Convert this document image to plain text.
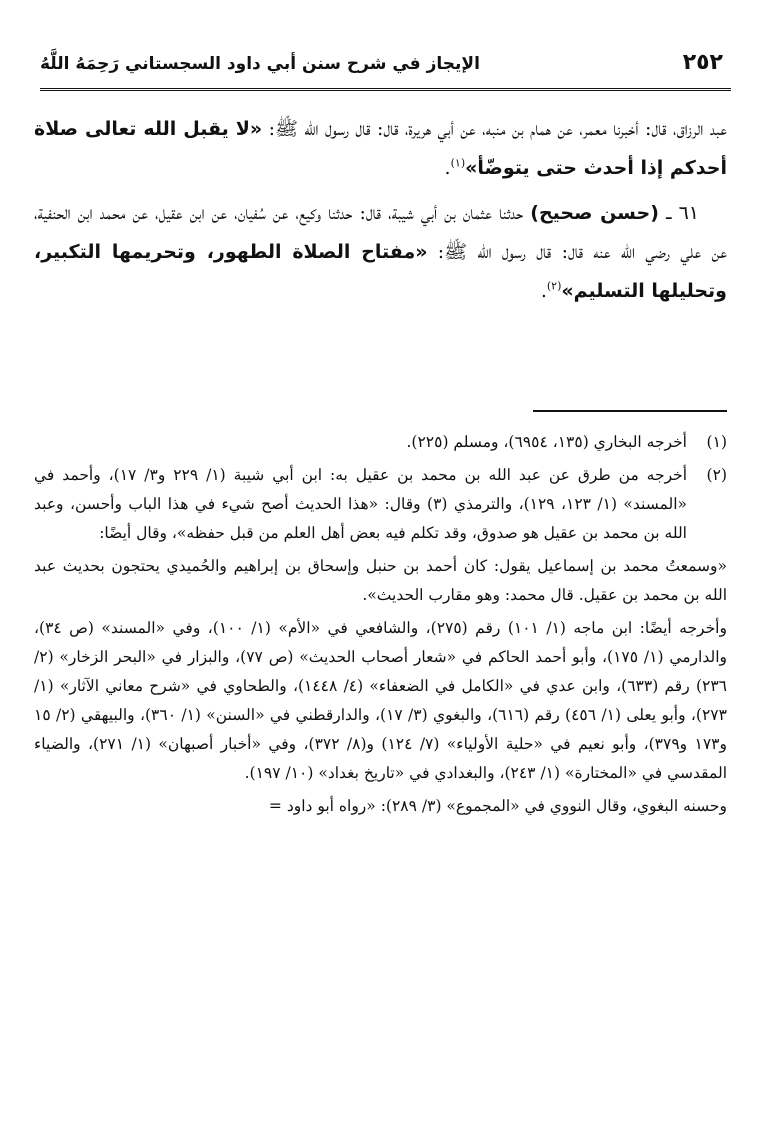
٢٥٢
الإيجاز في شرح سنن أبي داود السجستاني رَحِمَهُ اللَّهُ

عبد الرزاق، قال: أخبرنا معمر، عن همام بن منبه، عن أبي هريرة، قال: قال رسول الله ﷺ: «لا يقبل الله تعالى صلاة أحدكم إذا أحدث حتى يتوضّأ»$^{(١)}$.

٦١ ـ (حسن صحيح) حدثنا عثمان بن أبي شيبة، قال: حدثنا وكيع، عن سُفيان، عن ابن عقيل، عن محمد ابن الحنفية، عن علي رضي الله عنه قال: قال رسول الله ﷺ: «مفتاح الصلاة الطهور، وتحريمها التكبير، وتحليلها التسليم»$^{(٢)}$.

(١)
أخرجه البخاري (١٣٥، ٦٩٥٤)، ومسلم (٢٢٥).
(٢)
أخرجه من طرق عن عبد الله بن محمد بن عقيل به: ابن أبي شيبة (١/ ٢٢٩ و٣/ ١٧)، وأحمد في «المسند» (١/ ١٢٣، ١٢٩)، والترمذي (٣) وقال: «هذا الحديث أصح شيء في هذا الباب وأحسن، وعبد الله بن محمد بن عقيل هو صدوق، وقد تكلم فيه بعض أهل العلم من قبل حفظه»، وقال أيضًا:

«وسمعتُ محمد بن إسماعيل يقول: كان أحمد بن حنبل وإسحاق بن إبراهيم والحُميدي يحتجون بحديث عبد الله بن محمد بن عقيل. قال محمد: وهو مقارب الحديث».

وأخرجه أيضًا: ابن ماجه (١/ ١٠١) رقم (٢٧٥)، والشافعي في «الأم» (١/ ١٠٠)، وفي «المسند» (ص ٣٤)، والدارمي (١/ ١٧٥)، وأبو أحمد الحاكم في «شعار أصحاب الحديث» (ص ٧٧)، والبزار في «البحر الزخار» (٢/ ٢٣٦) رقم (٦٣٣)، وابن عدي في «الكامل في الضعفاء» (٤/ ١٤٤٨)، والطحاوي في «شرح معاني الآثار» (١/ ٢٧٣)، وأبو يعلى (١/ ٤٥٦) رقم (٦١٦)، والبغوي (٣/ ١٧)، والدارقطني في «السنن» (١/ ٣٦٠)، والبيهقي (٢/ ١٥ و١٧٣ و٣٧٩)، وأبو نعيم في «حلية الأولياء» (٧/ ١٢٤) و(٨/ ٣٧٢)، وفي «أخبار أصبهان» (١/ ٢٧١)، والضياء المقدسي في «المختارة» (١/ ٢٤٣)، والبغدادي في «تاريخ بغداد» (١٠/ ١٩٧).

وحسنه البغوي، وقال النووي في «المجموع» (٣/ ٢٨٩): «رواه أبو داود =
